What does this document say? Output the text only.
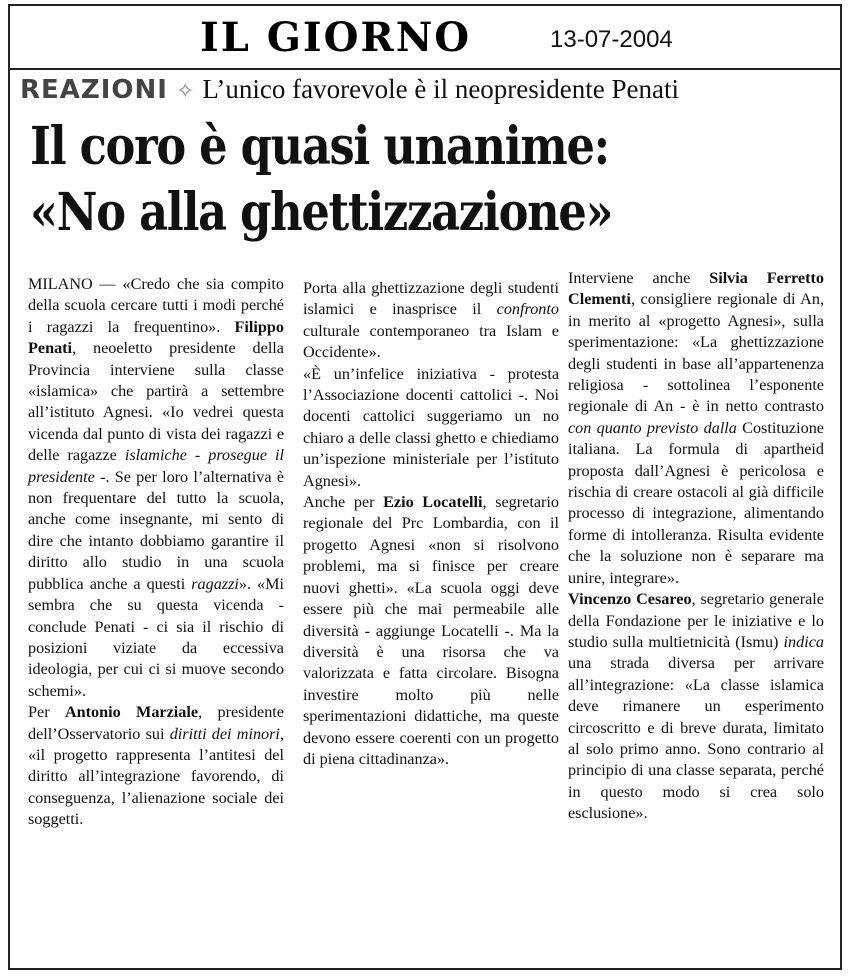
IL GIORNO	13-07-2004
REAZIONI ✧ L’unico favorevole è il neopresidente Penati
Il coro è quasi unanime:
«No alla ghettizzazione»

MILANO — «Credo che sia compito della scuola cercare tutti i modi perché i ragazzi la frequentino». Filippo Penati, neoeletto presidente della Provincia interviene sulla classe «islamica» che partirà a settembre all’istituto Agnesi. «Io vedrei questa vicenda dal punto di vista dei ragazzi e delle ragazze islamiche - prosegue il presidente -. Se per loro l’alternativa è non frequentare del tutto la scuola, anche come insegnante, mi sento di dire che intanto dobbiamo garantire il diritto allo studio in una scuola pubblica anche a questi ragazzi». «Mi sembra che su questa vicenda - conclude Penati - ci sia il rischio di posizioni viziate da eccessiva ideologia, per cui ci si muove secondo schemi».

Per Antonio Marziale, presidente dell’Osservatorio sui diritti dei minori, «il progetto rappresenta l’antitesi del diritto all’integrazione favorendo, di conseguenza, l’alienazione sociale dei soggetti.

Porta alla ghettizzazione degli studenti islamici e inasprisce il confronto culturale contemporaneo tra Islam e Occidente».

«È un’infelice iniziativa - protesta l’Associazione docenti cattolici -. Noi docenti cattolici suggeriamo un no chiaro a delle classi ghetto e chiediamo un’ispezione ministeriale per l’istituto Agnesi».

Anche per Ezio Locatelli, segretario regionale del Prc Lombardia, con il progetto Agnesi «non si risolvono problemi, ma si finisce per creare nuovi ghetti». «La scuola oggi deve essere più che mai permeabile alle diversità - aggiunge Locatelli -. Ma la diversità è una risorsa che va valorizzata e fatta circolare. Bisogna investire molto più nelle sperimentazioni didattiche, ma queste devono essere coerenti con un progetto di piena cittadinanza».

Interviene anche Silvia Ferretto Clementi, consigliere regionale di An, in merito al «progetto Agnesi», sulla sperimentazione: «La ghettizzazione degli studenti in base all’appartenenza religiosa - sottolinea l’esponente regionale di An - è in netto contrasto con quanto previsto dalla Costituzione italiana. La formula di apartheid proposta dall’Agnesi è pericolosa e rischia di creare ostacoli al già difficile processo di integrazione, alimentando forme di intolleranza. Risulta evidente che la soluzione non è separare ma unire, integrare».

Vincenzo Cesareo, segretario generale della Fondazione per le iniziative e lo studio sulla multietnicità (Ismu) indica una strada diversa per arrivare all’integrazione: «La classe islamica deve rimanere un esperimento circoscritto e di breve durata, limitato al solo primo anno. Sono contrario al principio di una classe separata, perché in questo modo si crea solo esclusione».
